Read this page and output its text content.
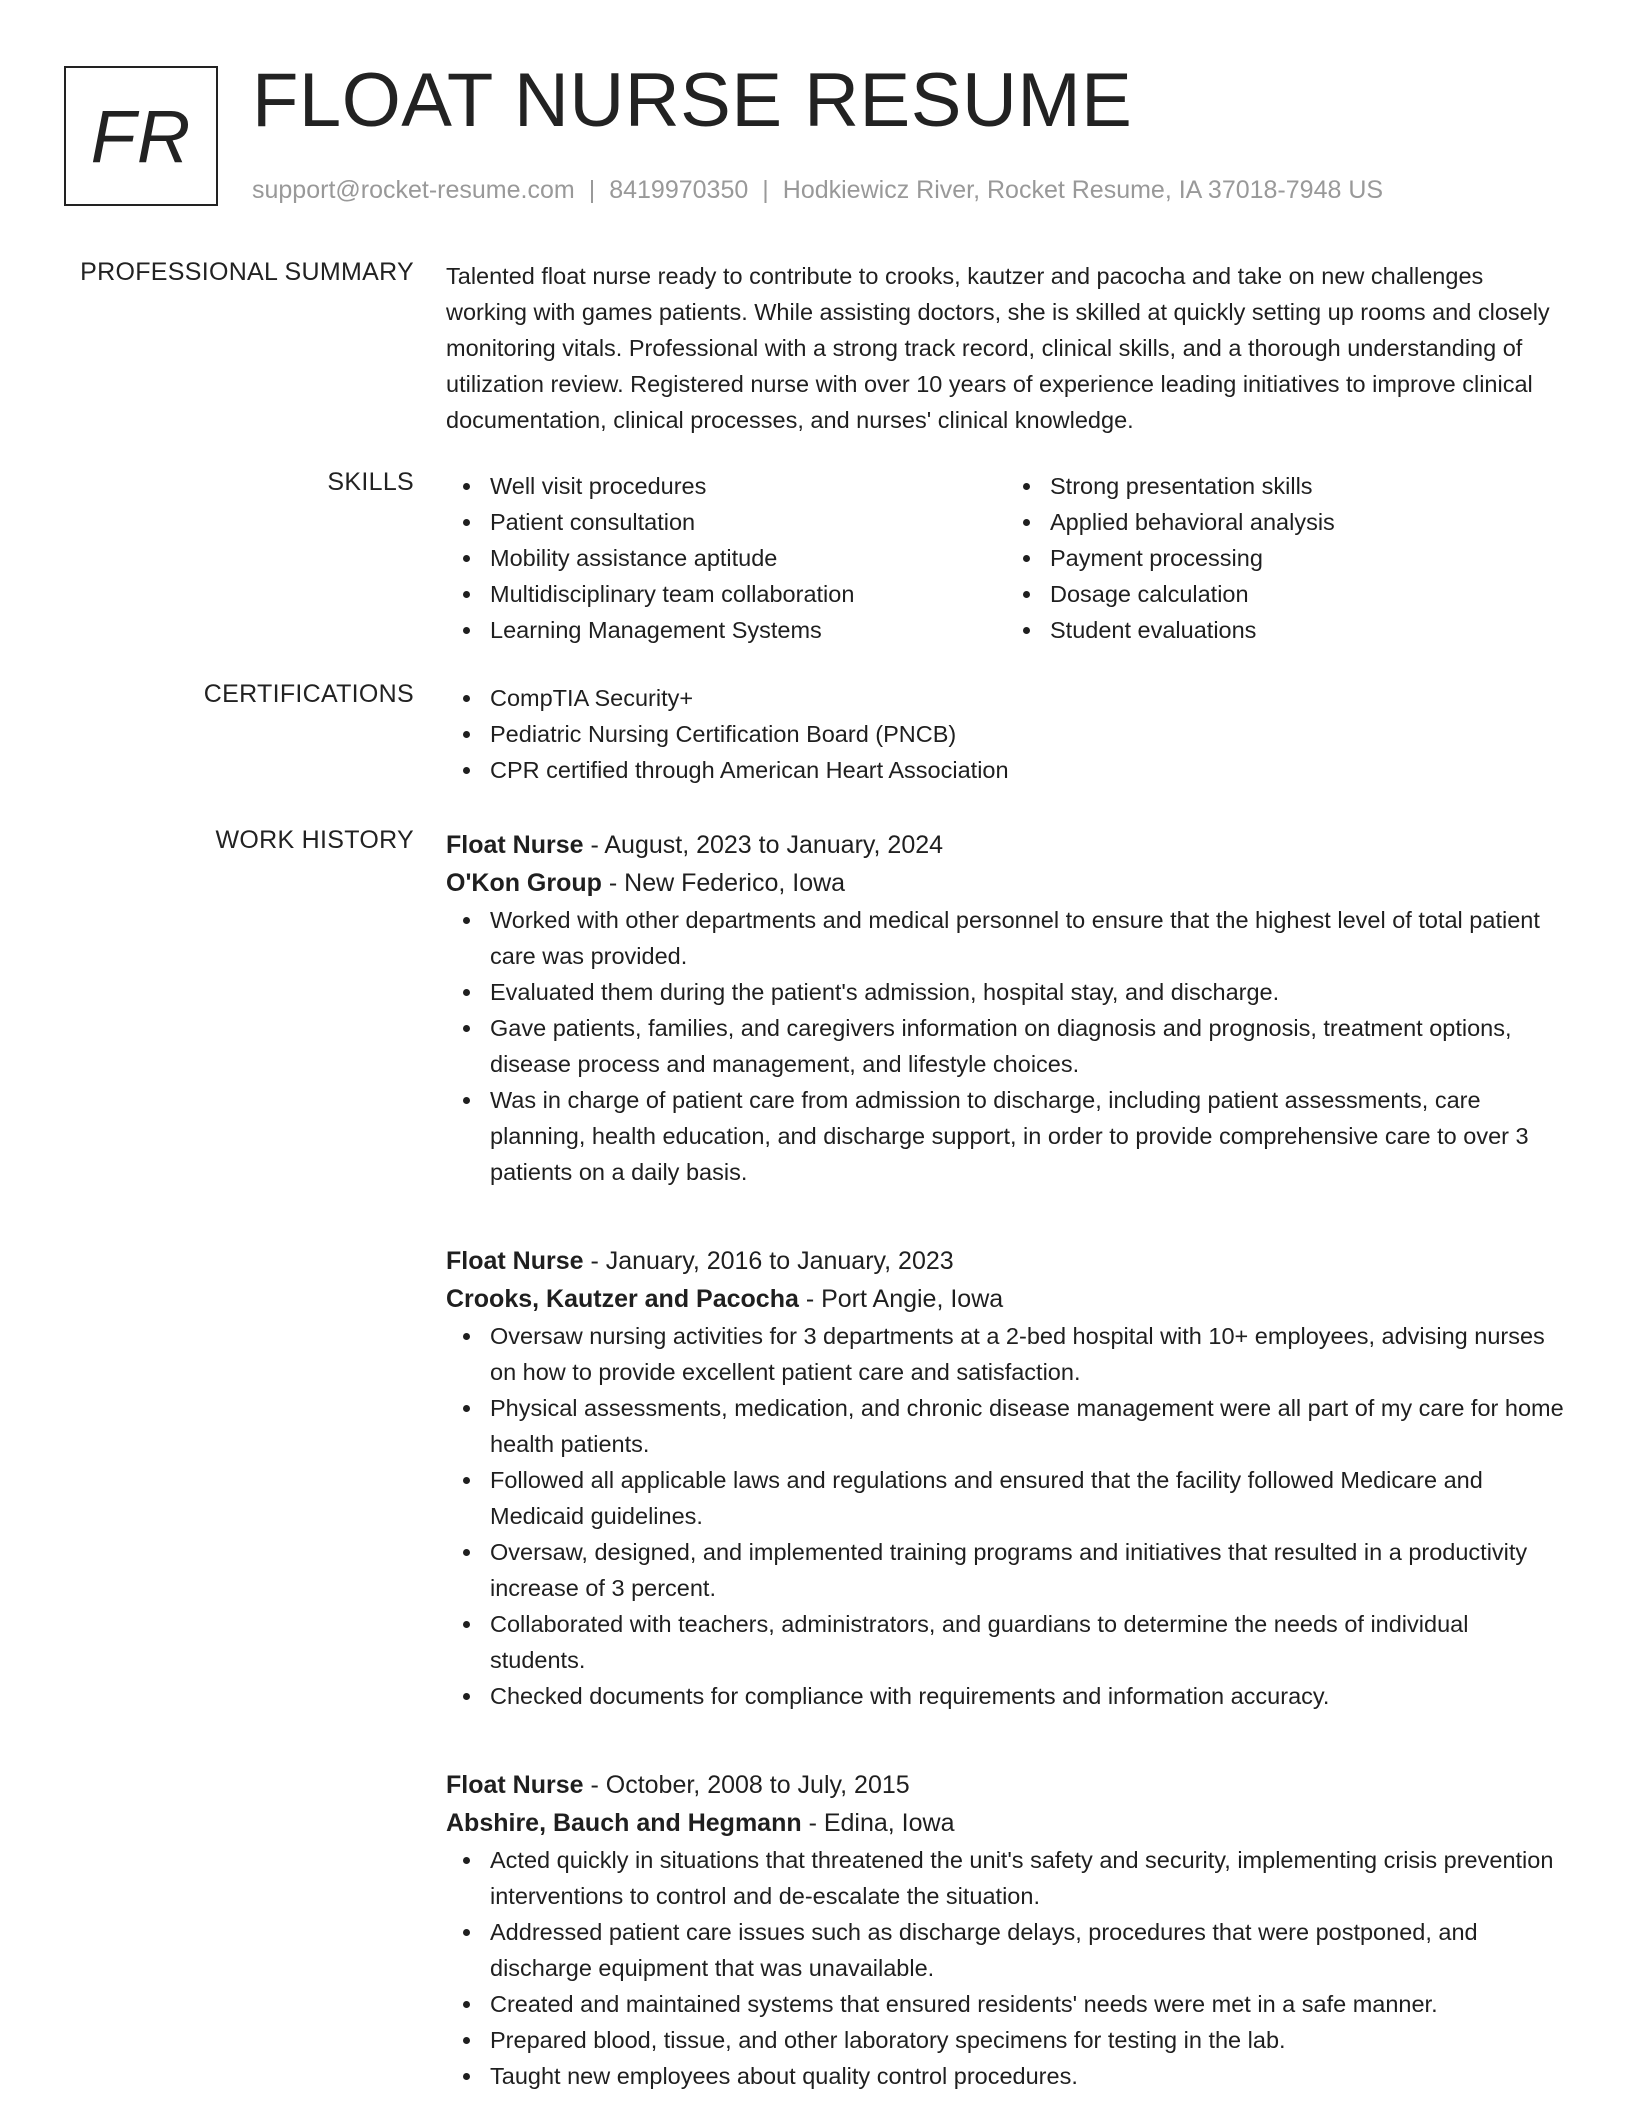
FR FLOAT NURSE RESUME
support@rocket-resume.com | 8419970350 | Hodkiewicz River, Rocket Resume, IA 37018-7948 US
PROFESSIONAL SUMMARY Talented float nurse ready to contribute to crooks, kautzer and pacocha and take on new challenges working with games patients. While assisting doctors, she is skilled at quickly setting up rooms and closely monitoring vitals. Professional with a strong track record, clinical skills, and a thorough understanding of utilization review. Registered nurse with over 10 years of experience leading initiatives to improve clinical documentation, clinical processes, and nurses' clinical knowledge.

SKILLS	Well visit procedures
Patient consultation
Mobility assistance aptitude
Multidisciplinary team collaboration
Learning Management Systems
Strong presentation skills
Applied behavioral analysis
Payment processing
Dosage calculation
Student evaluations
CERTIFICATIONS	CompTIA Security+
Pediatric Nursing Certification Board (PNCB)
CPR certified through American Heart Association
WORK HISTORY Float Nurse - August, 2023 to January, 2024
O'Kon Group - New Federico, Iowa
Worked with other departments and medical personnel to ensure that the highest level of total patient care was provided.
Evaluated them during the patient's admission, hospital stay, and discharge.
Gave patients, families, and caregivers information on diagnosis and prognosis, treatment options, disease process and management, and lifestyle choices.
Was in charge of patient care from admission to discharge, including patient assessments, care planning, health education, and discharge support, in order to provide comprehensive care to over 3 patients on a daily basis.
Float Nurse - January, 2016 to January, 2023
Crooks, Kautzer and Pacocha - Port Angie, Iowa
Oversaw nursing activities for 3 departments at a 2-bed hospital with 10+ employees, advising nurses on how to provide excellent patient care and satisfaction.
Physical assessments, medication, and chronic disease management were all part of my care for home health patients.
Followed all applicable laws and regulations and ensured that the facility followed Medicare and Medicaid guidelines.
Oversaw, designed, and implemented training programs and initiatives that resulted in a productivity increase of 3 percent.
Collaborated with teachers, administrators, and guardians to determine the needs of individual students.
Checked documents for compliance with requirements and information accuracy.
Float Nurse - October, 2008 to July, 2015
Abshire, Bauch and Hegmann - Edina, Iowa
Acted quickly in situations that threatened the unit's safety and security, implementing crisis prevention interventions to control and de-escalate the situation.
Addressed patient care issues such as discharge delays, procedures that were postponed, and discharge equipment that was unavailable.
Created and maintained systems that ensured residents' needs were met in a safe manner.
Prepared blood, tissue, and other laboratory specimens for testing in the lab.
Taught new employees about quality control procedures.
